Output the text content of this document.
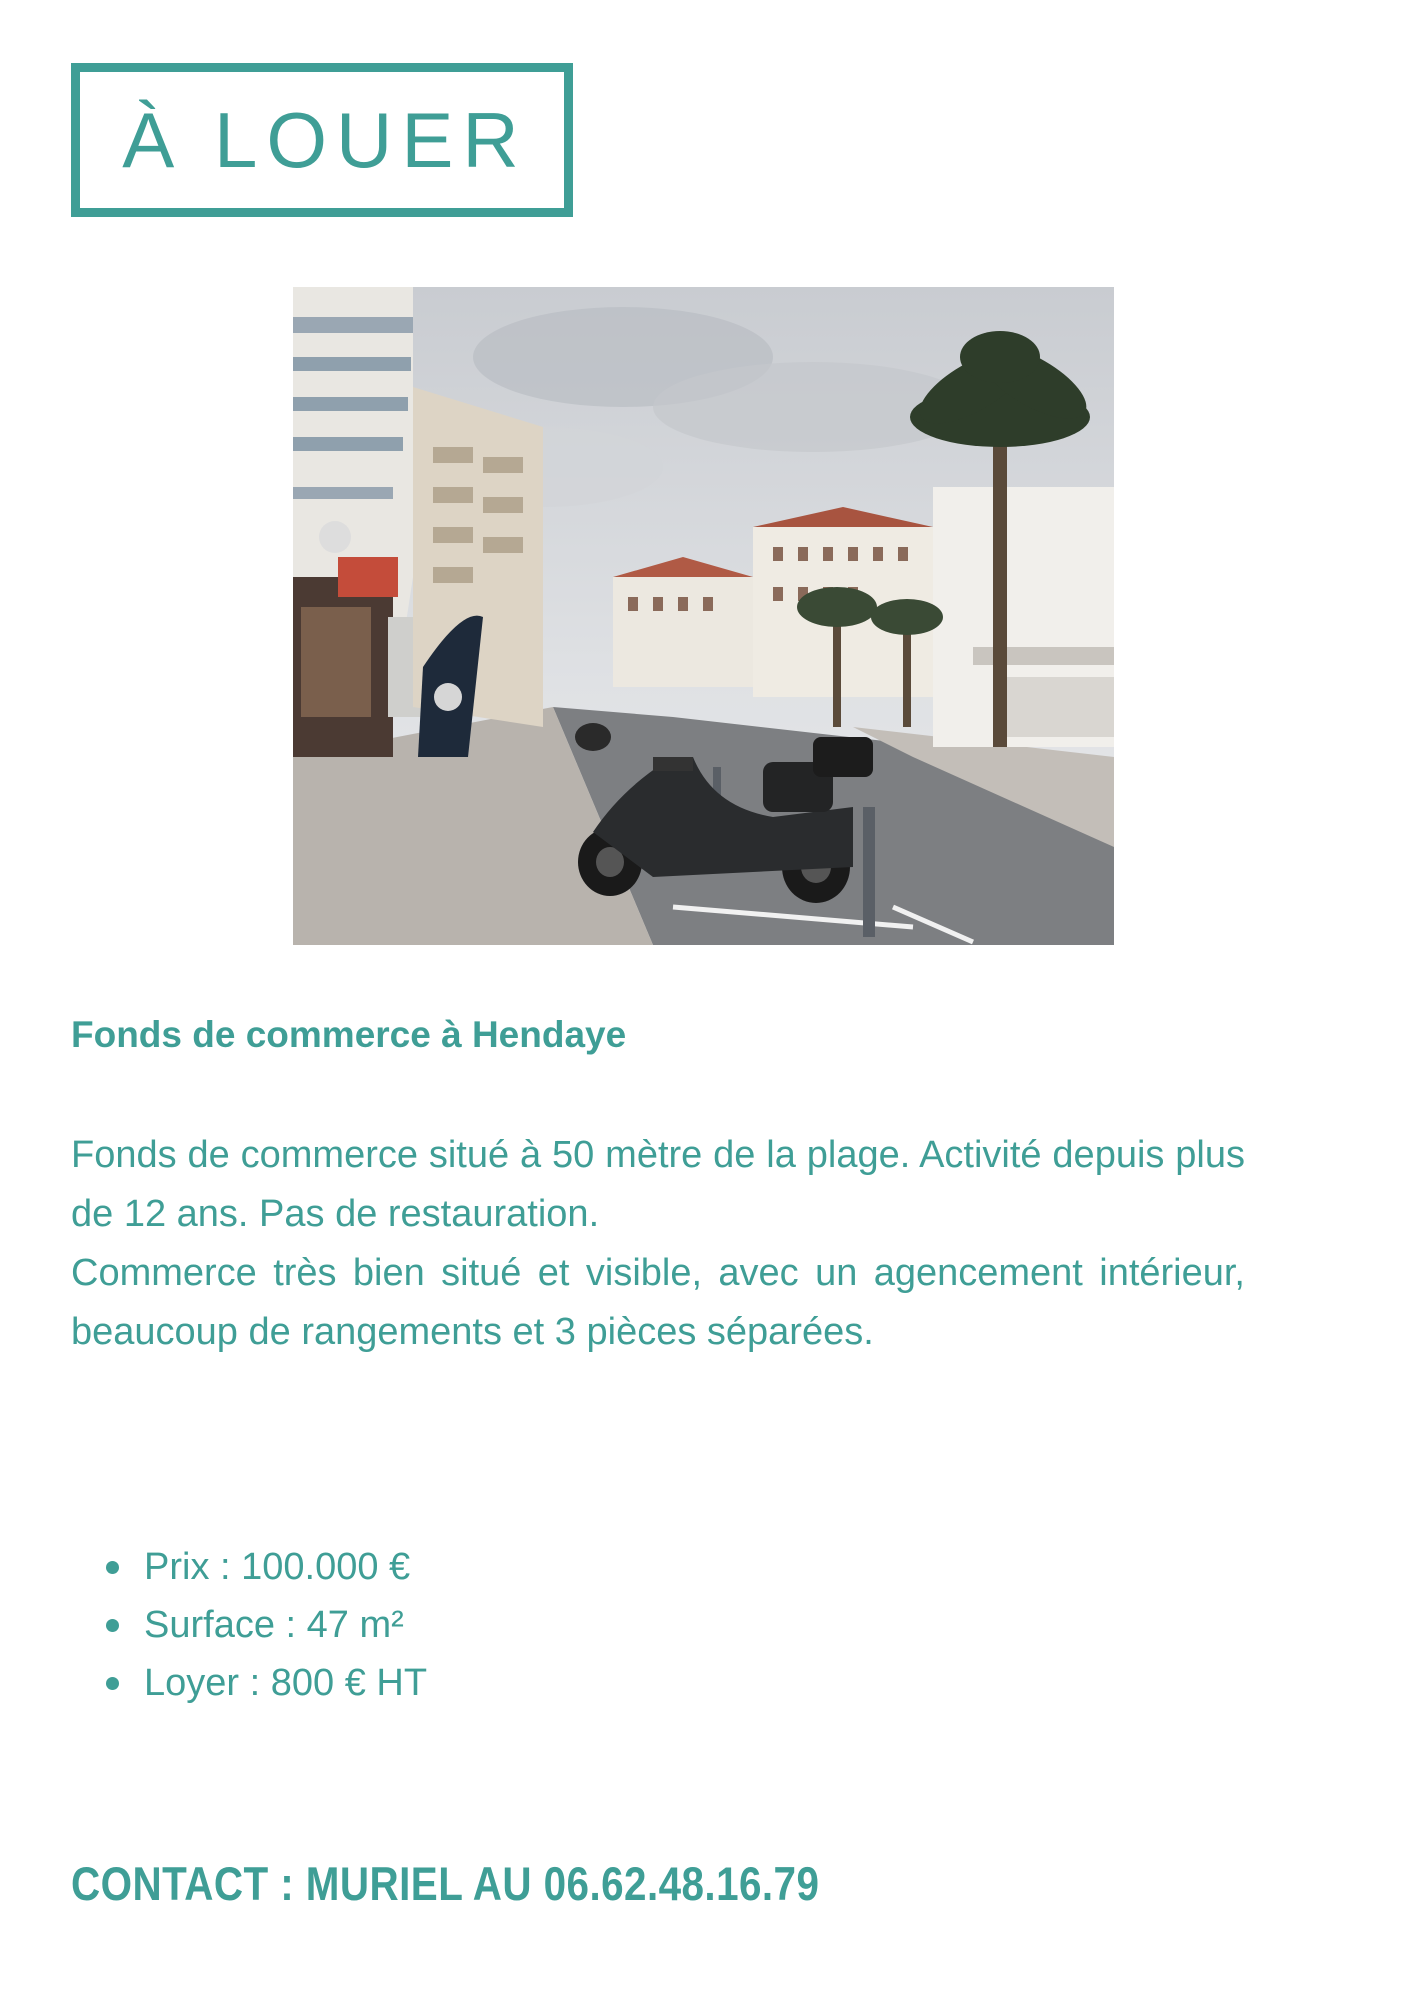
À LOUER
Fonds de commerce à Hendaye

Fonds de commerce situé à 50 mètre de la plage. Activité depuis plus de 12 ans. Pas de restauration.

Commerce très bien situé et visible, avec un agencement intérieur, beaucoup de rangements et 3 pièces séparées.

Prix : 100.000 €
Surface : 47 m²
Loyer : 800 € HT

CONTACT : MURIEL AU 06.62.48.16.79
